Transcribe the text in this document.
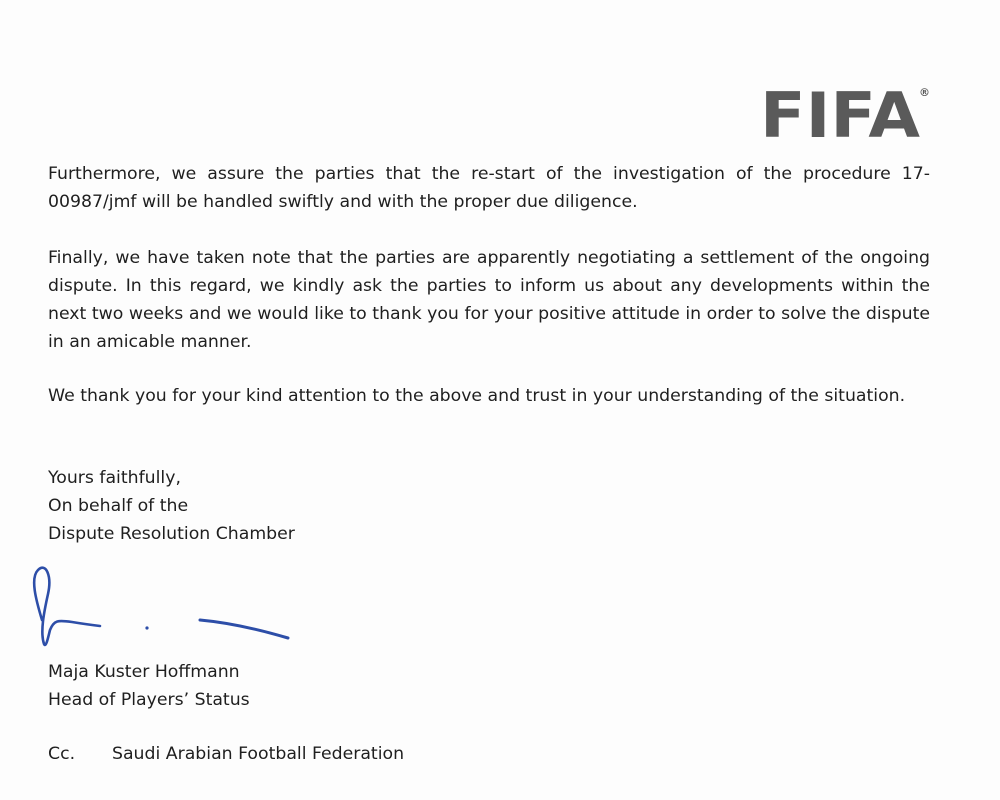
FIFA
®
Furthermore, we assure the parties that the re-start of the investigation of the procedure 17-00987/jmf will be handled swiftly and with the proper due diligence.
Finally, we have taken note that the parties are apparently negotiating a settlement of the ongoing dispute. In this regard, we kindly ask the parties to inform us about any developments within the next two weeks and we would like to thank you for your positive attitude in order to solve the dispute in an amicable manner.
We thank you for your kind attention to the above and trust in your understanding of the situation.
Yours faithfully,
On behalf of the
Dispute Resolution Chamber
Maja Kuster Hoffmann
Head of Players’ Status
Cc. Saudi Arabian Football Federation
